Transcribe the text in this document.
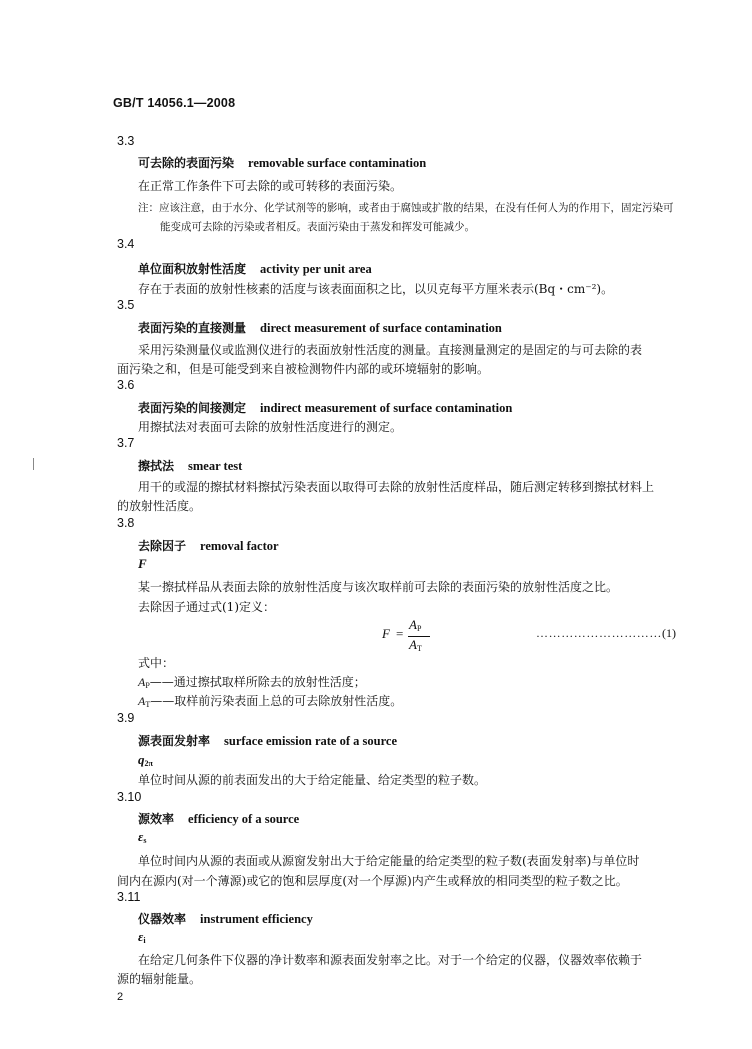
GB/T 14056.1—2008
3.3
可去除的表面污染 removable surface contamination
在正常工作条件下可去除的或可转移的表面污染。
注：应该注意，由于水分、化学试剂等的影响，或者由于腐蚀或扩散的结果，在没有任何人为的作用下，固定污染可
能变成可去除的污染或者相反。表面污染由于蒸发和挥发可能减少。
3.4
单位面积放射性活度 activity per unit area
存在于表面的放射性核素的活度与该表面面积之比，以贝克每平方厘米表示(Bq・cm⁻²)。
3.5
表面污染的直接测量 direct measurement of surface contamination
采用污染测量仪或监测仪进行的表面放射性活度的测量。直接测量测定的是固定的与可去除的表
面污染之和，但是可能受到来自被检测物件内部的或环境辐射的影响。
3.6
表面污染的间接测定 indirect measurement of surface contamination
用擦拭法对表面可去除的放射性活度进行的测定。
3.7
擦拭法 smear test
用干的或湿的擦拭材料擦拭污染表面以取得可去除的放射性活度样品，随后测定转移到擦拭材料上
的放射性活度。
3.8
去除因子 removal factor
F
某一擦拭样品从表面去除的放射性活度与该次取样前可去除的表面污染的放射性活度之比。
去除因子通过式(1)定义：
F =
$A_P$
$A_T$
…………………………(1)
式中：
$A_P——$通过擦拭取样所除去的放射性活度；
$A_T——$取样前污染表面上总的可去除放射性活度。
3.9
源表面发射率 surface emission rate of a source
$q_{2\pi}$
单位时间从源的前表面发出的大于给定能量、给定类型的粒子数。
3.10
源效率 efficiency of a source
$\varepsilon_s$
单位时间内从源的表面或从源窗发射出大于给定能量的给定类型的粒子数(表面发射率)与单位时
间内在源内(对一个薄源)或它的饱和层厚度(对一个厚源)内产生或释放的相同类型的粒子数之比。
3.11
仪器效率 instrument efficiency
$\varepsilon_i$
在给定几何条件下仪器的净计数率和源表面发射率之比。对于一个给定的仪器，仪器效率依赖于
源的辐射能量。
2
